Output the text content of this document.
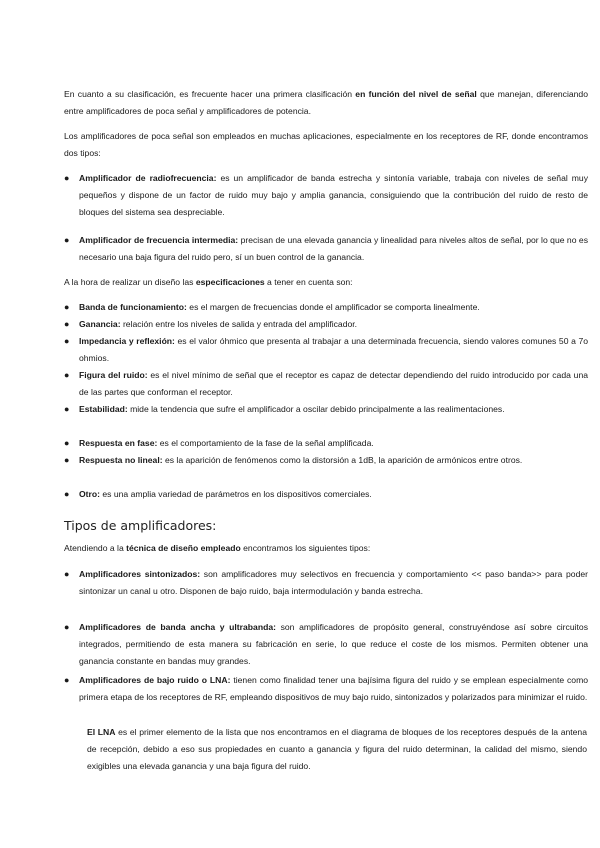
En cuanto a su clasificación, es frecuente hacer una primera clasificación en función del nivel de señal que manejan, diferenciando entre amplificadores de poca señal y amplificadores de potencia.

Los amplificadores de poca señal son empleados en muchas aplicaciones, especialmente en los receptores de RF, donde encontramos dos tipos:

● Amplificador de radiofrecuencia: es un amplificador de banda estrecha y sintonía variable, trabaja con niveles de señal muy pequeños y dispone de un factor de ruido muy bajo y amplia ganancia, consiguiendo que la contribución del ruido de resto de bloques del sistema sea despreciable.

● Amplificador de frecuencia intermedia: precisan de una elevada ganancia y linealidad para niveles altos de señal, por lo que no es necesario una baja figura del ruido pero, sí un buen control de la ganancia.

A la hora de realizar un diseño las especificaciones a tener en cuenta son:

● Banda de funcionamiento: es el margen de frecuencias donde el amplificador se comporta linealmente.

● Ganancia: relación entre los niveles de salida y entrada del amplificador.

● Impedancia y reflexión: es el valor óhmico que presenta al trabajar a una determinada frecuencia, siendo valores comunes 50 a 7o ohmios.

● Figura del ruido: es el nivel mínimo de señal que el receptor es capaz de detectar dependiendo del ruido introducido por cada una de las partes que conforman el receptor.

● Estabilidad: mide la tendencia que sufre el amplificador a oscilar debido principalmente a las realimentaciones.

● Respuesta en fase: es el comportamiento de la fase de la señal amplificada.

● Respuesta no lineal: es la aparición de fenómenos como la distorsión a 1dB, la aparición de armónicos entre otros.

● Otro: es una amplia variedad de parámetros en los dispositivos comerciales.

Tipos de amplificadores:

Atendiendo a la técnica de diseño empleado encontramos los siguientes tipos:

● Amplificadores sintonizados: son amplificadores muy selectivos en frecuencia y comportamiento << paso banda>> para poder sintonizar un canal u otro. Disponen de bajo ruido, baja intermodulación y banda estrecha.

● Amplificadores de banda ancha y ultrabanda: son amplificadores de propósito general, construyéndose así sobre circuitos integrados, permitiendo de esta manera su fabricación en serie, lo que reduce el coste de los mismos. Permiten obtener una ganancia constante en bandas muy grandes.

● Amplificadores de bajo ruido o LNA: tienen como finalidad tener una bajísima figura del ruido y se emplean especialmente como primera etapa de los receptores de RF, empleando dispositivos de muy bajo ruido, sintonizados y polarizados para minimizar el ruido.

El LNA es el primer elemento de la lista que nos encontramos en el diagrama de bloques de los receptores después de la antena de recepción, debido a eso sus propiedades en cuanto a ganancia y figura del ruido determinan, la calidad del mismo, siendo exigibles una elevada ganancia y una baja figura del ruido.
